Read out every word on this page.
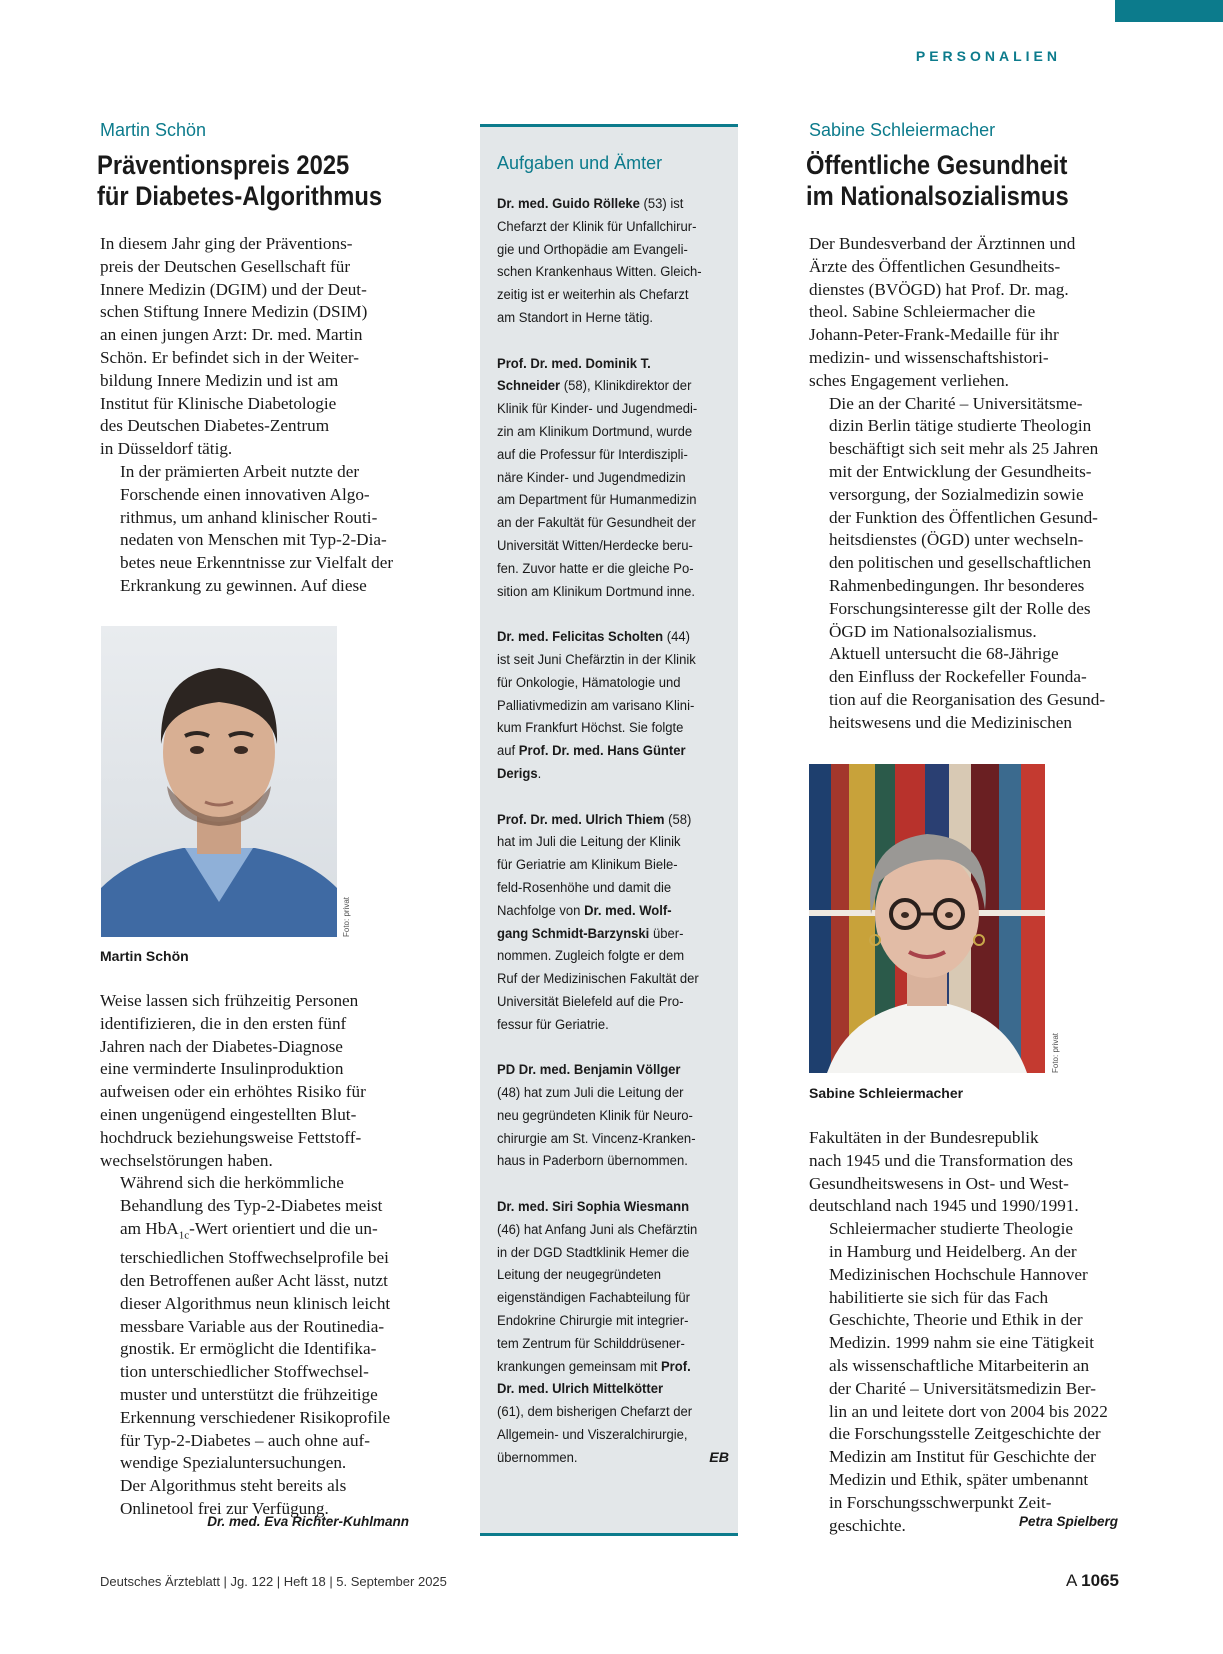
PERSONALIEN
Martin Schön
Präventionspreis 2025
für Diabetes-Algorithmus

In diesem Jahr ging der Präventions-
preis der Deutschen Gesellschaft für
Innere Medizin (DGIM) und der Deut-
schen Stiftung Innere Medizin (DSIM)
an einen jungen Arzt: Dr. med. Martin
Schön. Er befindet sich in der Weiter-
bildung Innere Medizin und ist am
Institut für Klinische Diabetologie
des Deutschen Diabetes-Zentrum
in Düsseldorf tätig.

In der prämierten Arbeit nutzte der
Forschende einen innovativen Algo-
rithmus, um anhand klinischer Routi-
nedaten von Menschen mit Typ-2-Dia-
betes neue Erkenntnisse zur Vielfalt der
Erkrankung zu gewinnen. Auf diese

Foto: privat
Martin Schön

Weise lassen sich frühzeitig Personen
identifizieren, die in den ersten fünf
Jahren nach der Diabetes-Diagnose
eine verminderte Insulinproduktion
aufweisen oder ein erhöhtes Risiko für
einen ungenügend eingestellten Blut-
hochdruck beziehungsweise Fettstoff-
wechselstörungen haben.

Während sich die herkömmliche
Behandlung des Typ-2-Diabetes meist
am HbA$_{1c}$-Wert orientiert und die un-
terschiedlichen Stoffwechselprofile bei
den Betroffenen außer Acht lässt, nutzt
dieser Algorithmus neun klinisch leicht
messbare Variable aus der Routinedia-
gnostik. Er ermöglicht die Identifika-
tion unterschiedlicher Stoffwechsel-
muster und unterstützt die frühzeitige
Erkennung verschiedener Risikoprofile
für Typ-2-Diabetes – auch ohne auf-
wendige Spezialuntersuchungen.

Der Algorithmus steht bereits als
Onlinetool frei zur Verfügung.

Dr. med. Eva Richter-Kuhlmann
Aufgaben und Ämter
Dr. med. Guido Rölleke (53) ist
Chefarzt der Klinik für Unfallchirur-
gie und Orthopädie am Evangeli-
schen Krankenhaus Witten. Gleich-
zeitig ist er weiterhin als Chefarzt
am Standort in Herne tätig.
Prof. Dr. med. Dominik T.
Schneider (58), Klinikdirektor der
Klinik für Kinder- und Jugendmedi-
zin am Klinikum Dortmund, wurde
auf die Professur für Interdiszipli-
näre Kinder- und Jugendmedizin
am Department für Humanmedizin
an der Fakultät für Gesundheit der
Universität Witten/Herdecke beru-
fen. Zuvor hatte er die gleiche Po-
sition am Klinikum Dortmund inne.
Dr. med. Felicitas Scholten (44)
ist seit Juni Chefärztin in der Klinik
für Onkologie, Hämatologie und
Palliativmedizin am varisano Klini-
kum Frankfurt Höchst. Sie folgte
auf Prof. Dr. med. Hans Günter
Derigs.
Prof. Dr. med. Ulrich Thiem (58)
hat im Juli die Leitung der Klinik
für Geriatrie am Klinikum Biele-
feld-Rosenhöhe und damit die
Nachfolge von Dr. med. Wolf-
gang Schmidt-Barzynski über-
nommen. Zugleich folgte er dem
Ruf der Medizinischen Fakultät der
Universität Bielefeld auf die Pro-
fessur für Geriatrie.
PD Dr. med. Benjamin Völlger
(48) hat zum Juli die Leitung der
neu gegründeten Klinik für Neuro-
chirurgie am St. Vincenz-Kranken-
haus in Paderborn übernommen.
Dr. med. Siri Sophia Wiesmann
(46) hat Anfang Juni als Chefärztin
in der DGD Stadtklinik Hemer die
Leitung der neugegründeten
eigenständigen Fachabteilung für
Endokrine Chirurgie mit integrier-
tem Zentrum für Schilddrüsener-
krankungen gemeinsam mit Prof.
Dr. med. Ulrich Mittelkötter
(61), dem bisherigen Chefarzt der
Allgemein- und Viszeralchirurgie,
übernommen.	EB
Sabine Schleiermacher
Öffentliche Gesundheit
im Nationalsozialismus

Der Bundesverband der Ärztinnen und
Ärzte des Öffentlichen Gesundheits-
dienstes (BVÖGD) hat Prof. Dr. mag.
theol. Sabine Schleiermacher die
Johann-Peter-Frank-Medaille für ihr
medizin- und wissenschaftshistori-
sches Engagement verliehen.

Die an der Charité – Universitätsme-
dizin Berlin tätige studierte Theologin
beschäftigt sich seit mehr als 25 Jahren
mit der Entwicklung der Gesundheits-
versorgung, der Sozialmedizin sowie
der Funktion des Öffentlichen Gesund-
heitsdienstes (ÖGD) unter wechseln-
den politischen und gesellschaftlichen
Rahmenbedingungen. Ihr besonderes
Forschungsinteresse gilt der Rolle des
ÖGD im Nationalsozialismus.

Aktuell untersucht die 68-Jährige
den Einfluss der Rockefeller Founda-
tion auf die Reorganisation des Gesund-
heitswesens und die Medizinischen

Foto: privat
Sabine Schleiermacher

Fakultäten in der Bundesrepublik
nach 1945 und die Transformation des
Gesundheitswesens in Ost- und West-
deutschland nach 1945 und 1990/1991.

Schleiermacher studierte Theologie
in Hamburg und Heidelberg. An der
Medizinischen Hochschule Hannover
habilitierte sie sich für das Fach
Geschichte, Theorie und Ethik in der
Medizin. 1999 nahm sie eine Tätigkeit
als wissenschaftliche Mitarbeiterin an
der Charité – Universitätsmedizin Ber-
lin an und leitete dort von 2004 bis 2022
die Forschungsstelle Zeitgeschichte der
Medizin am Institut für Geschichte der
Medizin und Ethik, später umbenannt
in Forschungsschwerpunkt Zeit-
geschichte.	Petra Spielberg
Deutsches Ärzteblatt | Jg. 122 | Heft 18 | 5. September 2025	A 1065
